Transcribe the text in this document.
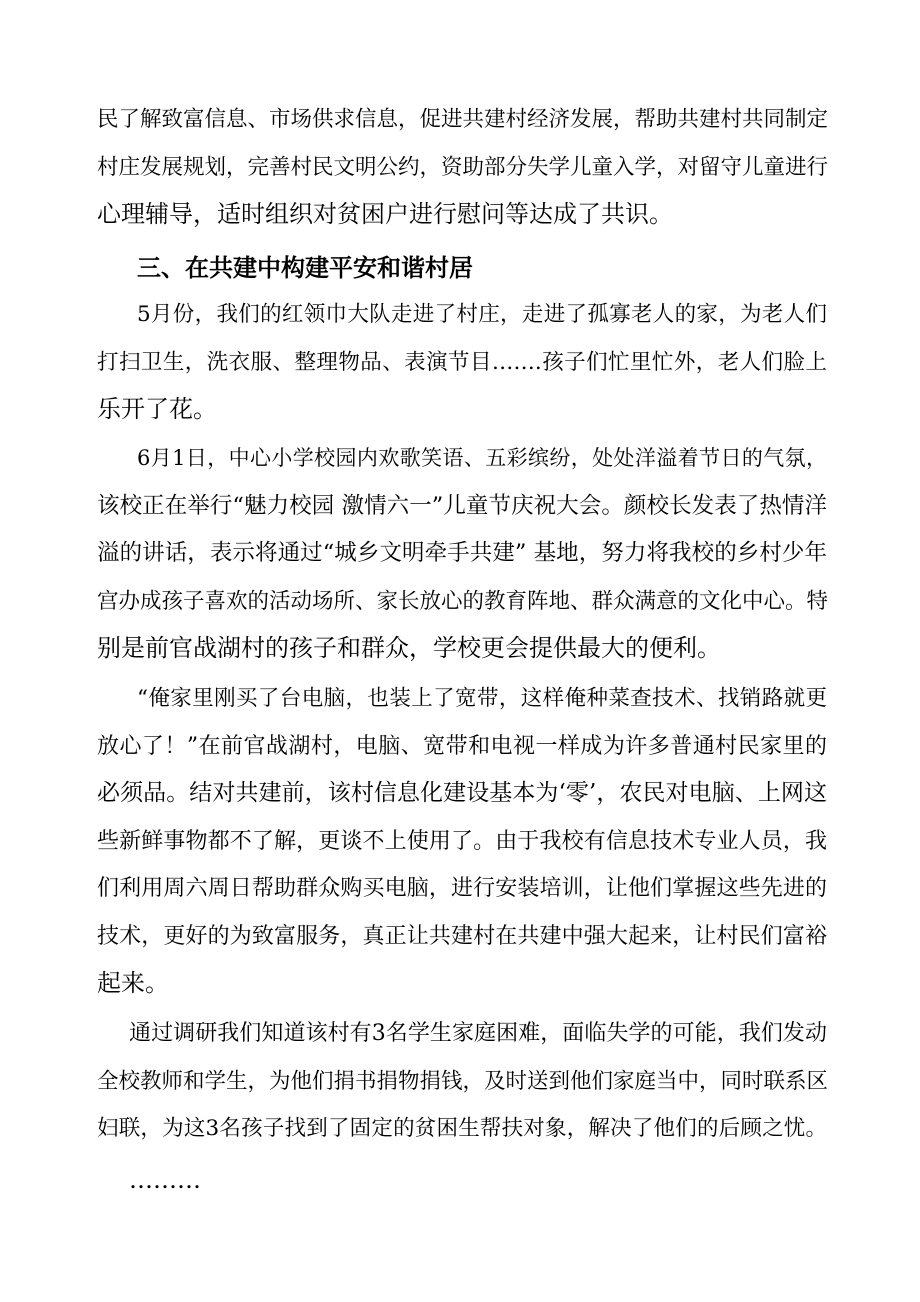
民了解致富信息、市场供求信息，促进共建村经济发展，帮助共建村共同制定
村庄发展规划，完善村民文明公约，资助部分失学儿童入学，对留守儿童进行
心理辅导，适时组织对贫困户进行慰问等达成了共识。
三、在共建中构建平安和谐村居
5月份，我们的红领巾大队走进了村庄，走进了孤寡老人的家，为老人们
打扫卫生，洗衣服、整理物品、表演节目…….孩子们忙里忙外，老人们脸上
乐开了花。
6月1日，中心小学校园内欢歌笑语、五彩缤纷，处处洋溢着节日的气氛，
该校正在举行“魅力校园 激情六一”儿童节庆祝大会。颜校长发表了热情洋
溢的讲话，表示将通过“城乡文明牵手共建” 基地，努力将我校的乡村少年
宫办成孩子喜欢的活动场所、家长放心的教育阵地、群众满意的文化中心。特
别是前官战湖村的孩子和群众，学校更会提供最大的便利。
“俺家里刚买了台电脑，也装上了宽带，这样俺种菜查技术、找销路就更
放心了！”在前官战湖村，电脑、宽带和电视一样成为许多普通村民家里的
必须品。结对共建前，该村信息化建设基本为‘零’，农民对电脑、上网这
些新鲜事物都不了解，更谈不上使用了。由于我校有信息技术专业人员，我
们利用周六周日帮助群众购买电脑，进行安装培训，让他们掌握这些先进的
技术，更好的为致富服务，真正让共建村在共建中强大起来，让村民们富裕
起来。
通过调研我们知道该村有3名学生家庭困难，面临失学的可能，我们发动
全校教师和学生，为他们捐书捐物捐钱，及时送到他们家庭当中，同时联系区
妇联，为这3名孩子找到了固定的贫困生帮扶对象，解决了他们的后顾之忧。
………
